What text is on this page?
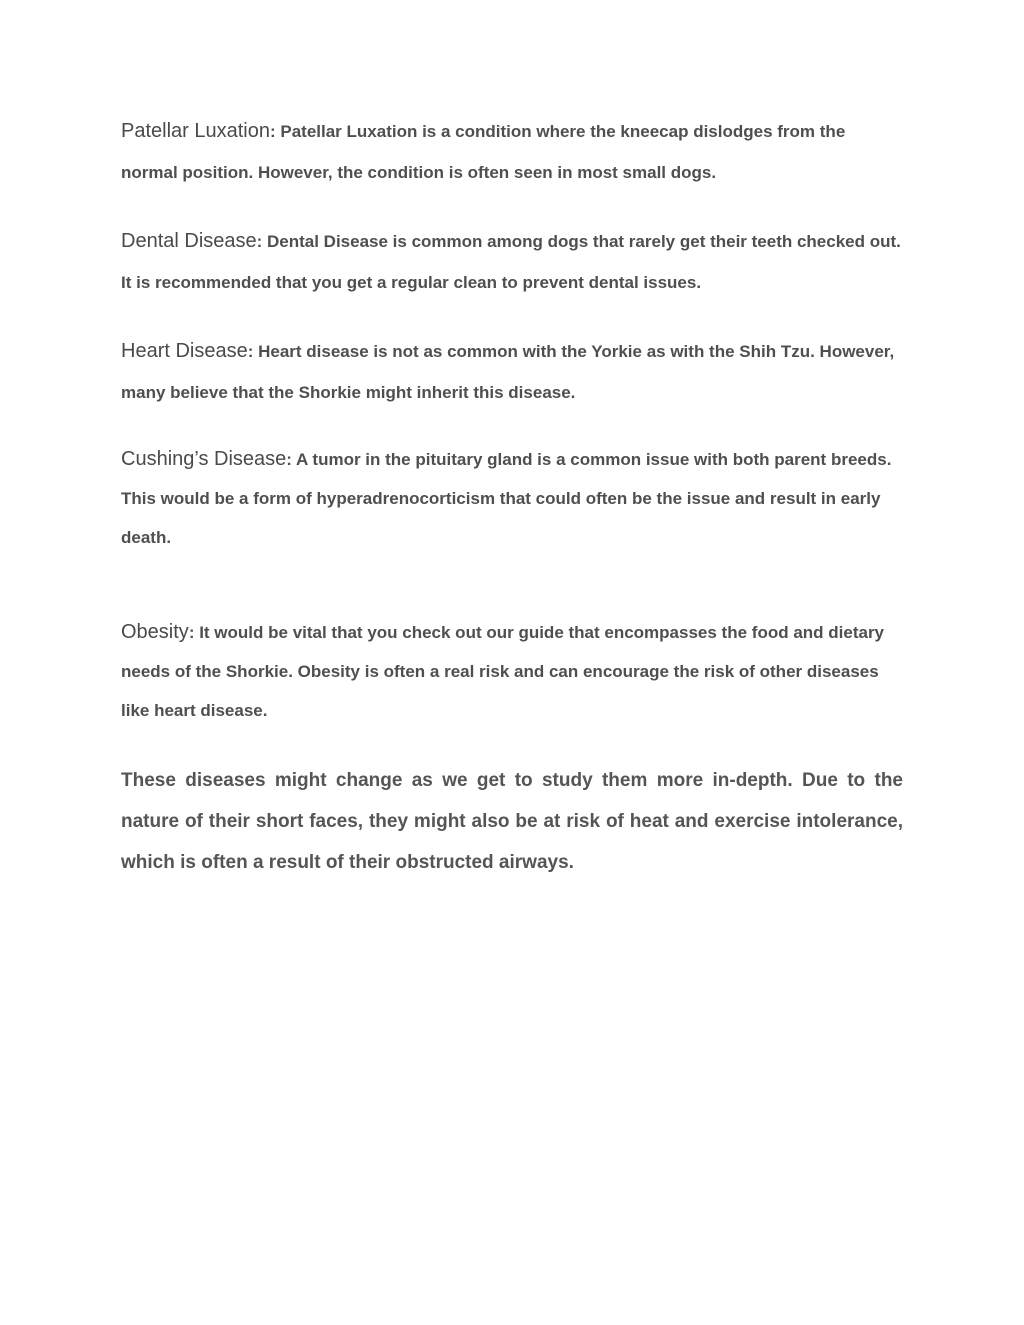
Patellar Luxation: Patellar Luxation is a condition where the kneecap dislodges from the normal position. However, the condition is often seen in most small dogs.

Dental Disease: Dental Disease is common among dogs that rarely get their teeth checked out. It is recommended that you get a regular clean to prevent dental issues.

Heart Disease: Heart disease is not as common with the Yorkie as with the Shih Tzu. However, many believe that the Shorkie might inherit this disease.

Cushing’s Disease: A tumor in the pituitary gland is a common issue with both parent breeds. This would be a form of hyperadrenocorticism that could often be the issue and result in early death.

Obesity: It would be vital that you check out our guide that encompasses the food and dietary needs of the Shorkie. Obesity is often a real risk and can encourage the risk of other diseases like heart disease.

These diseases might change as we get to study them more in-depth. Due to the nature of their short faces, they might also be at risk of heat and exercise intolerance, which is often a result of their obstructed airways.
